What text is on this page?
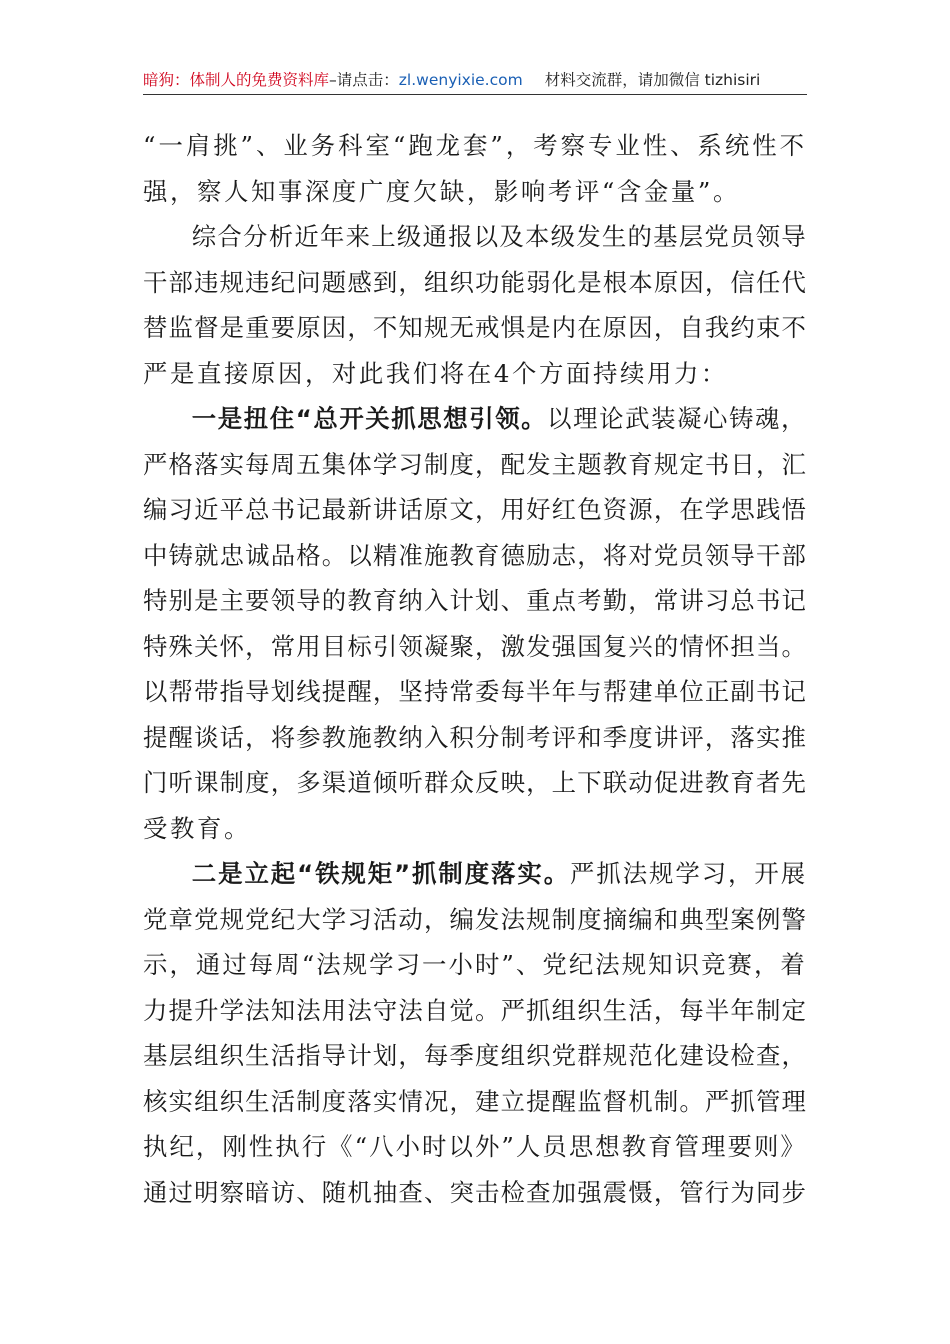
暗狗：体制人的免费资料库 –请点击： zl.wenyixie.com 材料交流群，请加微信 tizhisiri

“一肩挑”、业务科室“跑龙套”，考察专业性、系统性不
强，察人知事深度广度欠缺，影响考评“含金量”。

综合分析近年来上级通报以及本级发生的基层党员领导
干部违规违纪问题感到，组织功能弱化是根本原因，信任代
替监督是重要原因，不知规无戒惧是内在原因，自我约束不
严是直接原因，对此我们将在4个方面持续用力：

一是扭住“总开关抓思想引领。以理论武装凝心铸魂，
严格落实每周五集体学习制度，配发主题教育规定书日，汇
编习近平总书记最新讲话原文，用好红色资源，在学思践悟
中铸就忠诚品格。以精准施教育德励志，将对党员领导干部
特别是主要领导的教育纳入计划、重点考勤，常讲习总书记
特殊关怀，常用目标引领凝聚，激发强国复兴的情怀担当。
以帮带指导划线提醒，坚持常委每半年与帮建单位正副书记
提醒谈话，将参教施教纳入积分制考评和季度讲评，落实推
门听课制度，多渠道倾听群众反映，上下联动促进教育者先
受教育。

二是立起“铁规矩”抓制度落实。严抓法规学习，开展
党章党规党纪大学习活动，编发法规制度摘编和典型案例警
示，通过每周“法规学习一小时”、党纪法规知识竞赛，着
力提升学法知法用法守法自觉。严抓组织生活，每半年制定
基层组织生活指导计划，每季度组织党群规范化建设检查，
核实组织生活制度落实情况，建立提醒监督机制。严抓管理
执纪，刚性执行《“八小时以外”人员思想教育管理要则》
通过明察暗访、随机抽查、突击检查加强震慑，管行为同步
